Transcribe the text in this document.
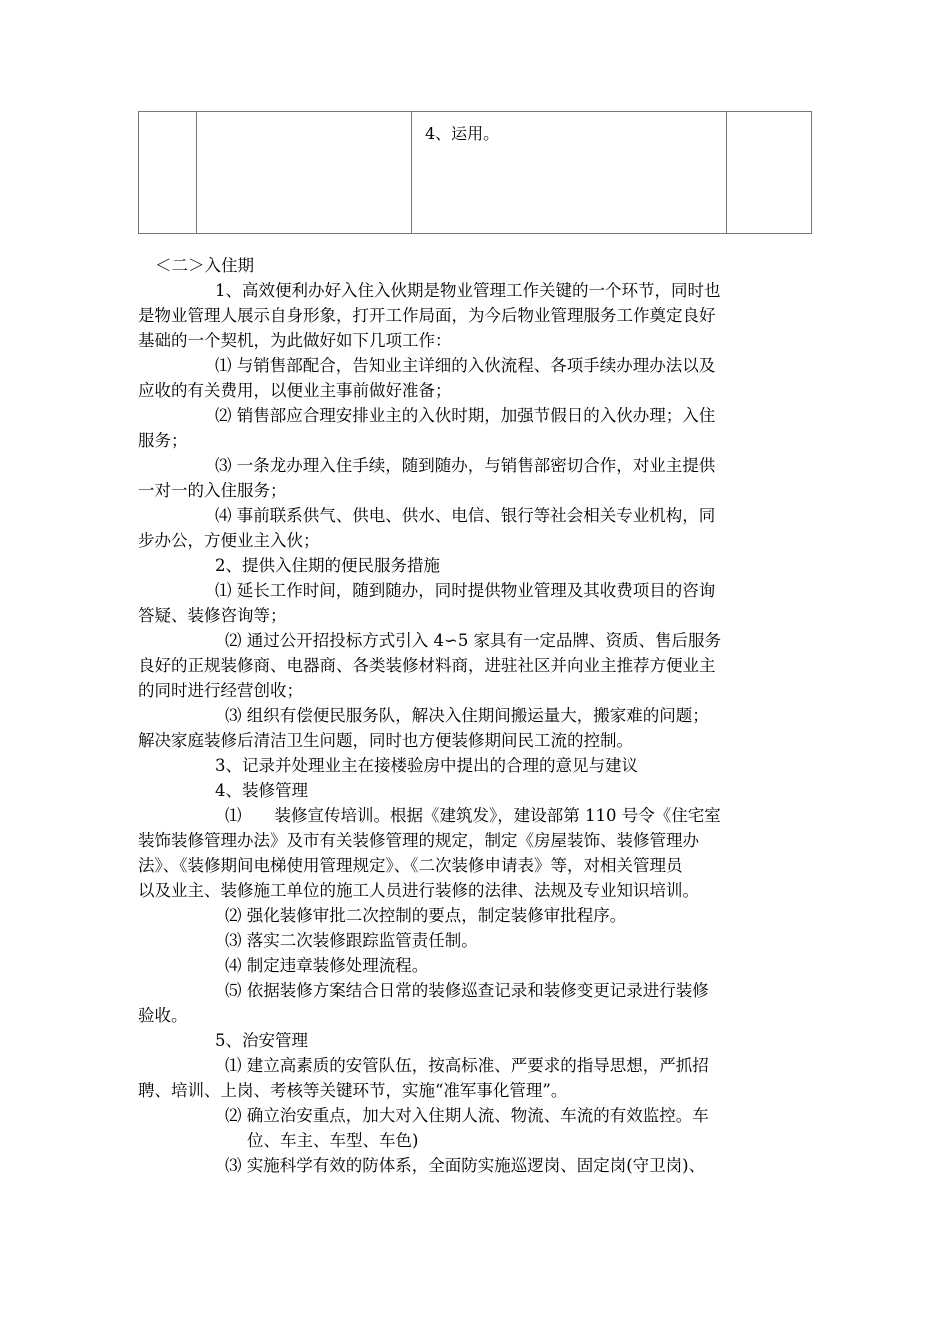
4、运用。
＜二＞入住期
1、高效便利办好入住入伙期是物业管理工作关键的一个环节，同时也
是物业管理人展示自身形象，打开工作局面，为今后物业管理服务工作奠定良好
基础的一个契机，为此做好如下几项工作：
⑴ 与销售部配合，告知业主详细的入伙流程、各项手续办理办法以及
应收的有关费用，以便业主事前做好准备；
⑵ 销售部应合理安排业主的入伙时期，加强节假日的入伙办理；入住
服务；
⑶ 一条龙办理入住手续，随到随办，与销售部密切合作，对业主提供
一对一的入住服务；
⑷ 事前联系供气、供电、供水、电信、银行等社会相关专业机构，同
步办公，方便业主入伙；
2、提供入住期的便民服务措施
⑴ 延长工作时间，随到随办，同时提供物业管理及其收费项目的咨询
答疑、装修咨询等；
⑵ 通过公开招投标方式引入 4∽5 家具有一定品牌、资质、售后服务
良好的正规装修商、电器商、各类装修材料商，进驻社区并向业主推荐方便业主
的同时进行经营创收；
⑶ 组织有偿便民服务队，解决入住期间搬运量大，搬家难的问题；
解决家庭装修后清洁卫生问题，同时也方便装修期间民工流的控制。
3、记录并处理业主在接楼验房中提出的合理的意见与建议
4、装修管理
⑴　　装修宣传培训。根据《建筑发》，建设部第 110 号令《住宅室
装饰装修管理办法》及市有关装修管理的规定，制定《房屋装饰、装修管理办
法》、《装修期间电梯使用管理规定》、《二次装修申请表》等，对相关管理员
以及业主、装修施工单位的施工人员进行装修的法律、法规及专业知识培训。
⑵ 强化装修审批二次控制的要点，制定装修审批程序。
⑶ 落实二次装修跟踪监管责任制。
⑷ 制定违章装修处理流程。
⑸ 依据装修方案结合日常的装修巡查记录和装修变更记录进行装修
验收。
5、治安管理
⑴ 建立高素质的安管队伍，按高标准、严要求的指导思想，严抓招
聘、培训、上岗、考核等关键环节，实施“准军事化管理”。
⑵ 确立治安重点，加大对入住期人流、物流、车流的有效监控。车
位、车主、车型、车色)
⑶ 实施科学有效的防体系，全面防实施巡逻岗、固定岗(守卫岗)、
